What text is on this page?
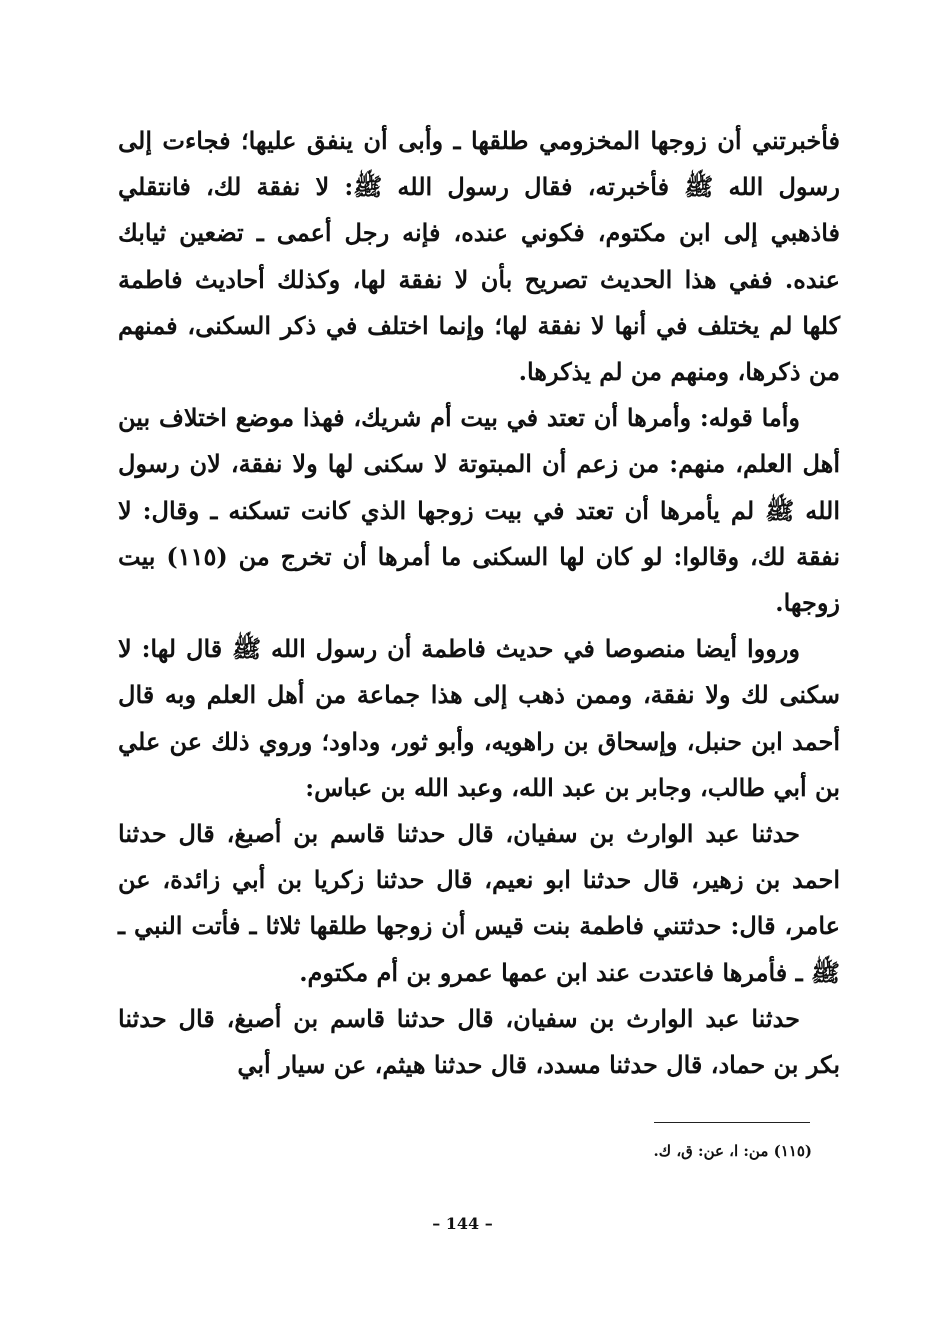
فأخبرتني أن زوجها المخزومي طلقها ـ وأبى أن ينفق عليها؛ فجاءت إلى رسول الله ﷺ فأخبرته، فقال رسول الله ﷺ: لا نفقة لك، فانتقلي فاذهبي إلى ابن مكتوم، فكوني عنده، فإنه رجل أعمى ـ تضعين ثيابك عنده. ففي هذا الحديث تصريح بأن لا نفقة لها، وكذلك أحاديث فاطمة كلها لم يختلف في أنها لا نفقة لها؛ وإنما اختلف في ذكر السكنى، فمنهم من ذكرها، ومنهم من لم يذكرها.

وأما قوله: وأمرها أن تعتد في بيت أم شريك، فهذا موضع اختلاف بين أهل العلم، منهم: من زعم أن المبتوتة لا سكنى لها ولا نفقة، لان رسول الله ﷺ لم يأمرها أن تعتد في بيت زوجها الذي كانت تسكنه ـ وقال: لا نفقة لك، وقالوا: لو كان لها السكنى ما أمرها أن تخرج من (١١٥) بيت زوجها.

ورووا أيضا منصوصا في حديث فاطمة أن رسول الله ﷺ قال لها: لا سكنى لك ولا نفقة، وممن ذهب إلى هذا جماعة من أهل العلم وبه قال أحمد ابن حنبل، وإسحاق بن راهويه، وأبو ثور، وداود؛ وروي ذلك عن علي بن أبي طالب، وجابر بن عبد الله، وعبد الله بن عباس:

حدثنا عبد الوارث بن سفيان، قال حدثنا قاسم بن أصبغ، قال حدثنا احمد بن زهير، قال حدثنا ابو نعيم، قال حدثنا زكريا بن أبي زائدة، عن عامر، قال: حدثتني فاطمة بنت قيس أن زوجها طلقها ثلاثا ـ فأتت النبي ـ ﷺ ـ فأمرها فاعتدت عند ابن عمها عمرو بن أم مكتوم.

حدثنا عبد الوارث بن سفيان، قال حدثنا قاسم بن أصبغ، قال حدثنا بكر بن حماد، قال حدثنا مسدد، قال حدثنا هيثم، عن سيار أبي

(١١٥) من: ا، عن: ق، ك.
– 144 –
